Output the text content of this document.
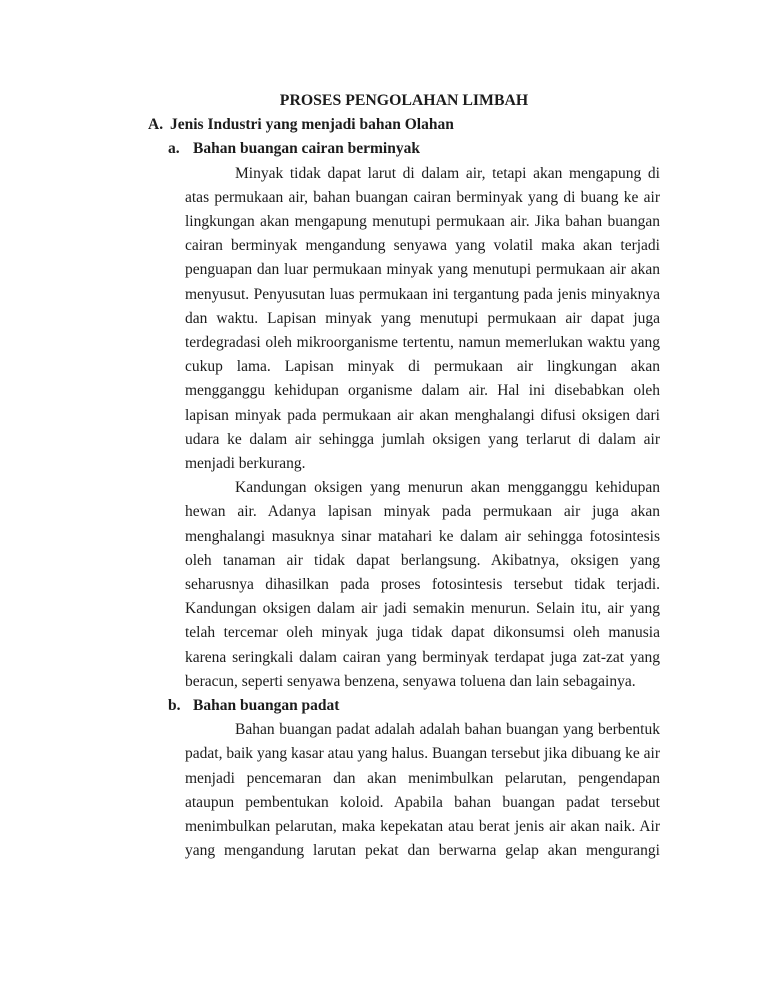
PROSES PENGOLAHAN LIMBAH
A. Jenis Industri yang menjadi bahan Olahan
a. Bahan buangan cairan berminyak

Minyak tidak dapat larut di dalam air, tetapi akan mengapung di atas permukaan air, bahan buangan cairan berminyak yang di buang ke air lingkungan akan mengapung menutupi permukaan air. Jika bahan buangan cairan berminyak mengandung senyawa yang volatil maka akan terjadi penguapan dan luar permukaan minyak yang menutupi permukaan air akan menyusut. Penyusutan luas permukaan ini tergantung pada jenis minyaknya dan waktu. Lapisan minyak yang menutupi permukaan air dapat juga terdegradasi oleh mikroorganisme tertentu, namun memerlukan waktu yang cukup lama. Lapisan minyak di permukaan air lingkungan akan mengganggu kehidupan organisme dalam air. Hal ini disebabkan oleh lapisan minyak pada permukaan air akan menghalangi difusi oksigen dari udara ke dalam air sehingga jumlah oksigen yang terlarut di dalam air menjadi berkurang.

Kandungan oksigen yang menurun akan mengganggu kehidupan hewan air. Adanya lapisan minyak pada permukaan air juga akan menghalangi masuknya sinar matahari ke dalam air sehingga fotosintesis oleh tanaman air tidak dapat berlangsung. Akibatnya, oksigen yang seharusnya dihasilkan pada proses fotosintesis tersebut tidak terjadi. Kandungan oksigen dalam air jadi semakin menurun. Selain itu, air yang telah tercemar oleh minyak juga tidak dapat dikonsumsi oleh manusia karena seringkali dalam cairan yang berminyak terdapat juga zat-zat yang beracun, seperti senyawa benzena, senyawa toluena dan lain sebagainya.

b. Bahan buangan padat

Bahan buangan padat adalah adalah bahan buangan yang berbentuk padat, baik yang kasar atau yang halus. Buangan tersebut jika dibuang ke air menjadi pencemaran dan akan menimbulkan pelarutan, pengendapan ataupun pembentukan koloid. Apabila bahan buangan padat tersebut menimbulkan pelarutan, maka kepekatan atau berat jenis air akan naik. Air yang mengandung larutan pekat dan berwarna gelap akan mengurangi
